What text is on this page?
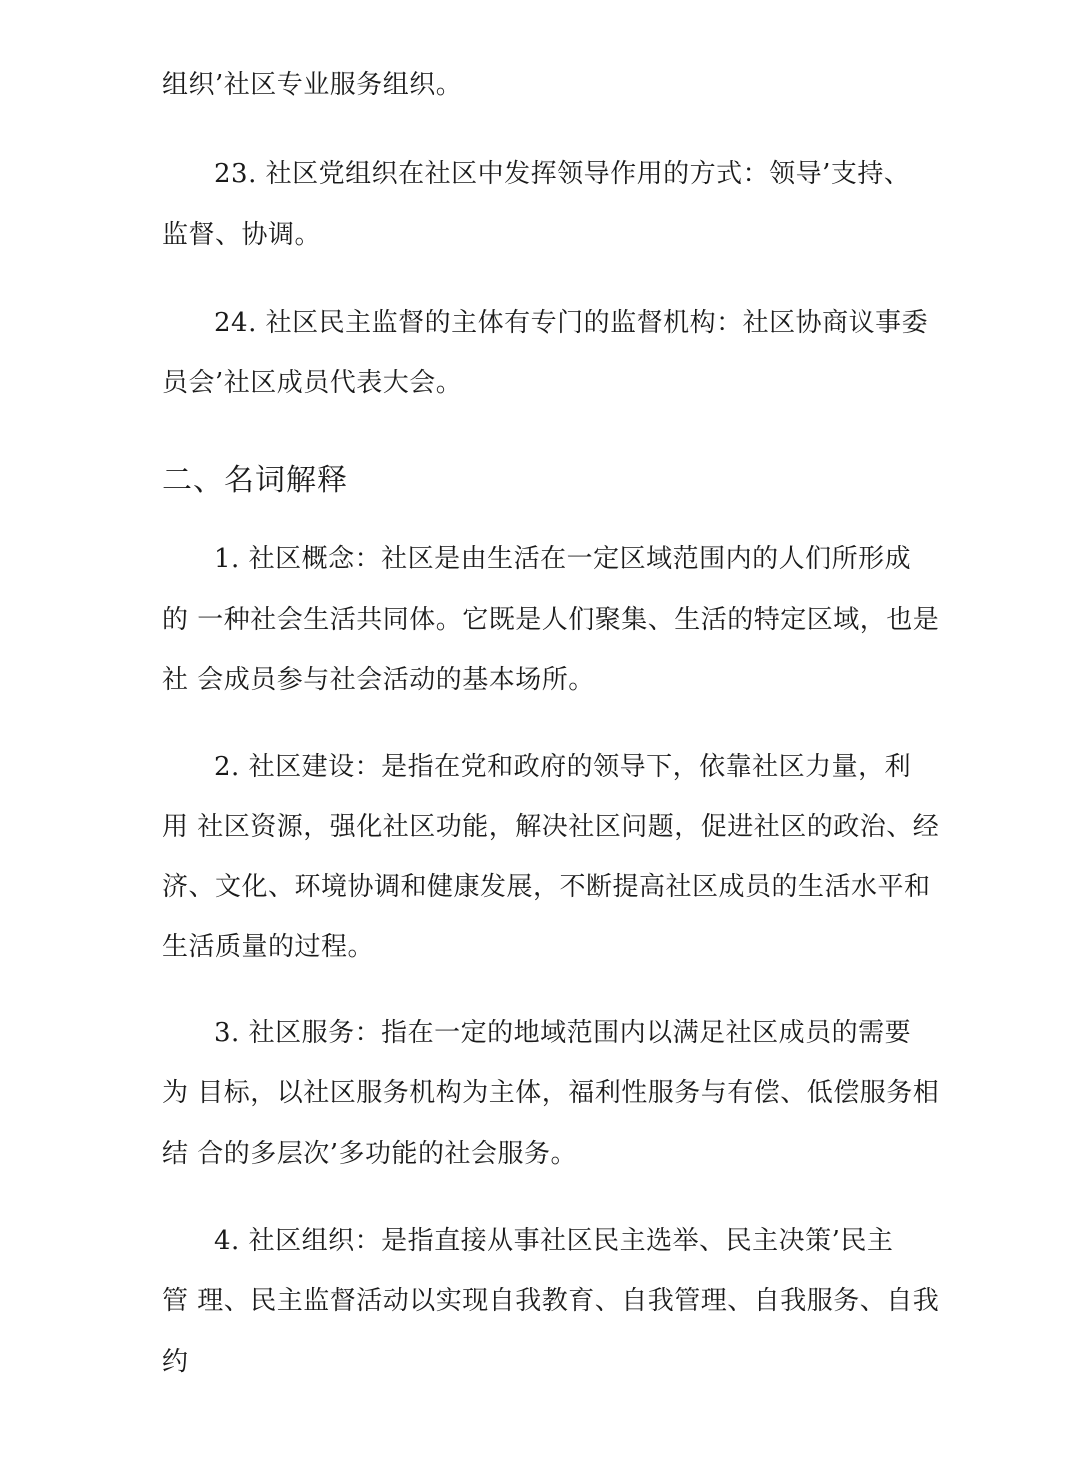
组织’社区专业服务组织。
23. 社区党组织在社区中发挥领导作用的方式：领导’支持、
监督、协调。
24. 社区民主监督的主体有专门的监督机构：社区协商议事委
员会’社区成员代表大会。
二、名词解释
1. 社区概念：社区是由生活在一定区域范围内的人们所形成
的 一种社会生活共同体。它既是人们聚集、生活的特定区域，也是
社 会成员参与社会活动的基本场所。
2. 社区建设：是指在党和政府的领导下，依靠社区力量，利
用 社区资源，强化社区功能，解决社区问题，促进社区的政治、经
济、文化、环境协调和健康发展，不断提高社区成员的生活水平和
生活质量的过程。
3. 社区服务：指在一定的地域范围内以满足社区成员的需要
为 目标，以社区服务机构为主体，福利性服务与有偿、低偿服务相
结 合的多层次’多功能的社会服务。
4. 社区组织：是指直接从事社区民主选举、民主决策’民主
管 理、民主监督活动以实现自我教育、自我管理、自我服务、自我
约
